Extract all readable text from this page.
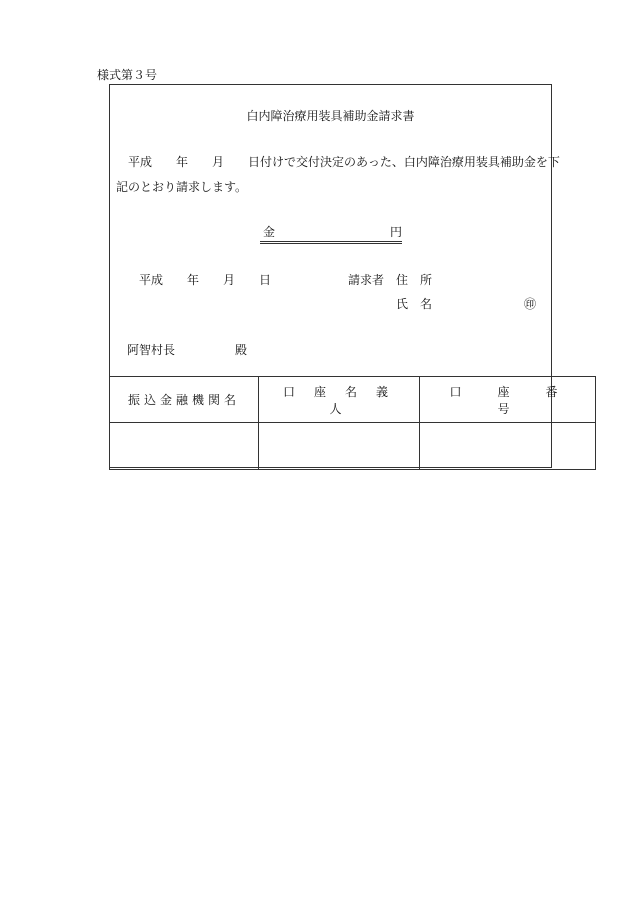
様式第３号
白内障治療用装具補助金請求書
平成　　年　　月　　日付けで交付決定のあった、白内障治療用装具補助金を下
記のとおり請求します。
金	円
平成　　年　　月　　日	請求者　住　所
氏　名	㊞
阿智村長　　　　　殿
振込金融機関名	口座名義人	口座番号
